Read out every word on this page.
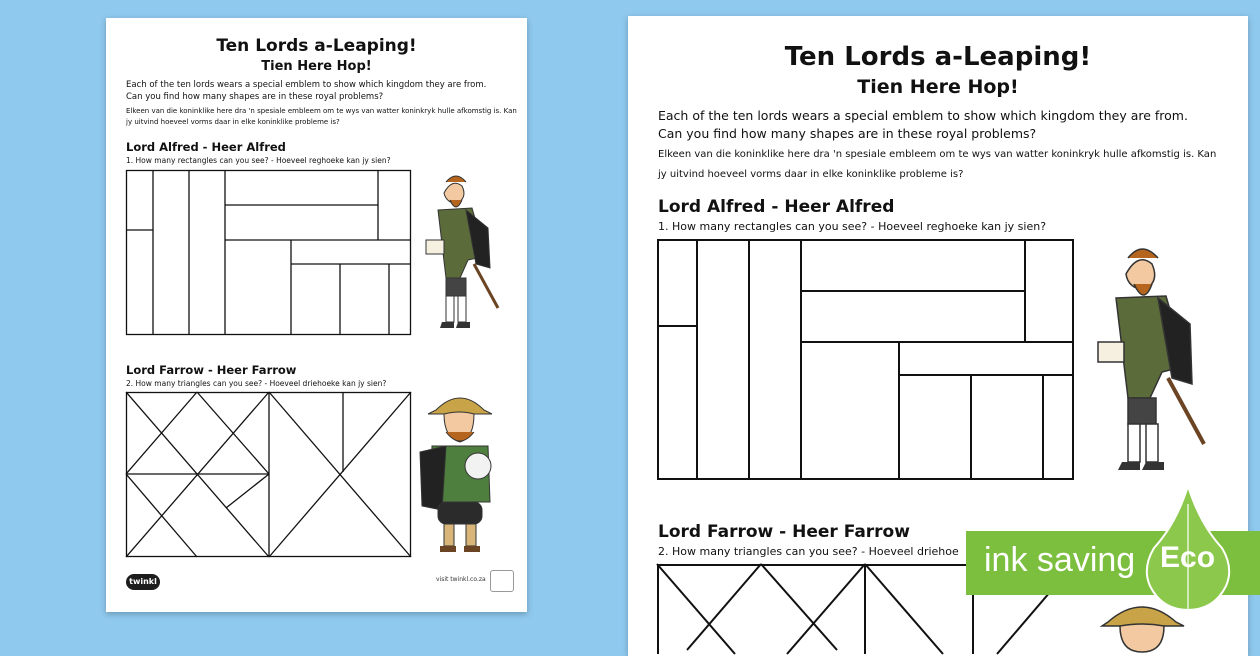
Ten Lords a-Leaping!
Tien Here Hop!
Each of the ten lords wears a special emblem to show which kingdom they are from.
Can you find how many shapes are in these royal problems?
Elkeen van die koninklike here dra 'n spesiale embleem om te wys van watter koninkryk hulle afkomstig is. Kan
jy uitvind hoeveel vorms daar in elke koninklike probleme is?
Lord Alfred - Heer Alfred
1. How many rectangles can you see? - Hoeveel reghoeke kan jy sien?
Lord Farrow - Heer Farrow
2. How many triangles can you see? - Hoeveel driehoeke kan jy sien?
twinkl	visit twinkl.co.za
Ten Lords a-Leaping!
Tien Here Hop!
Each of the ten lords wears a special emblem to show which kingdom they are from.
Can you find how many shapes are in these royal problems?
Elkeen van die koninklike here dra 'n spesiale embleem om te wys van watter koninkryk hulle afkomstig is. Kan
jy uitvind hoeveel vorms daar in elke koninklike probleme is?
Lord Alfred - Heer Alfred
1. How many rectangles can you see? - Hoeveel reghoeke kan jy sien?
Lord Farrow - Heer Farrow
2. How many triangles can you see? - Hoeveel driehoe ink saving Eco
